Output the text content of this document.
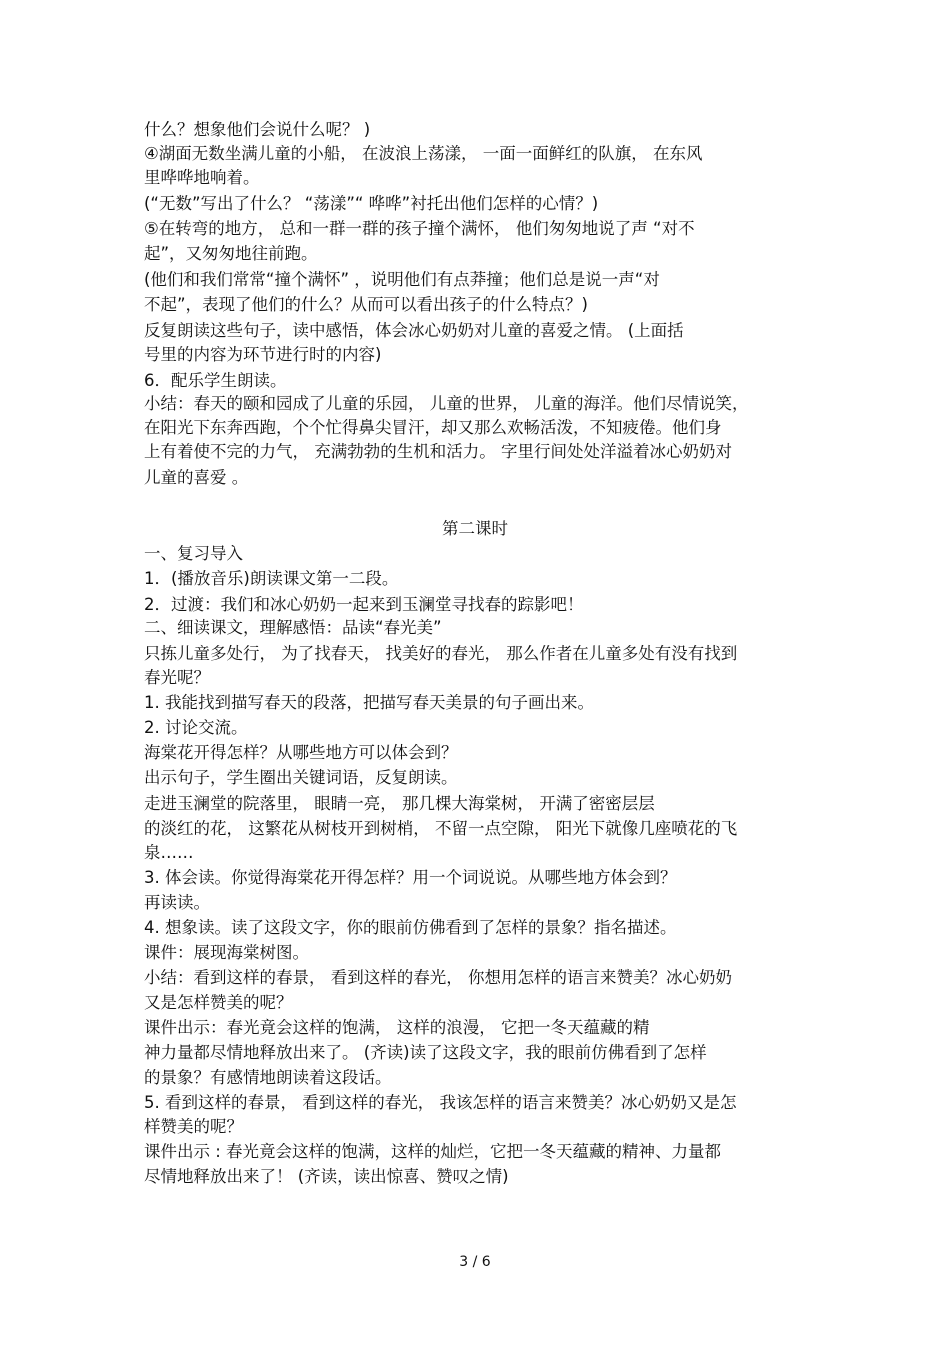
什么？想象他们会说什么呢？ )
④湖面无数坐满儿童的小船， 在波浪上荡漾， 一面一面鲜红的队旗， 在东风
里哗哗地响着。
(“无数”写出了什么？ “荡漾”“ 哗哗”衬托出他们怎样的心情？)
⑤在转弯的地方， 总和一群一群的孩子撞个满怀， 他们匆匆地说了声 “对不
起”，又匆匆地往前跑。
(他们和我们常常“撞个满怀” ，说明他们有点莽撞；他们总是说一声“对
不起”，表现了他们的什么？从而可以看出孩子的什么特点？)
反复朗读这些句子，读中感悟，体会冰心奶奶对儿童的喜爱之情。 (上面括
号里的内容为环节进行时的内容)
6．配乐学生朗读。
小结：春天的颐和园成了儿童的乐园， 儿童的世界， 儿童的海洋。他们尽情说笑，
在阳光下东奔西跑，个个忙得鼻尖冒汗，却又那么欢畅活泼，不知疲倦。他们身
上有着使不完的力气， 充满勃勃的生机和活力。 字里行间处处洋溢着冰心奶奶对
儿童的喜爱 。
第二课时
一、复习导入
1．(播放音乐)朗读课文第一二段。
2．过渡：我们和冰心奶奶一起来到玉澜堂寻找春的踪影吧！
二、细读课文，理解感悟：品读“春光美”
只拣儿童多处行， 为了找春天， 找美好的春光， 那么作者在儿童多处有没有找到
春光呢？
1. 我能找到描写春天的段落，把描写春天美景的句子画出来。
2. 讨论交流。
海棠花开得怎样？从哪些地方可以体会到？
出示句子，学生圈出关键词语，反复朗读。
走进玉澜堂的院落里， 眼睛一亮， 那几棵大海棠树， 开满了密密层层
的淡红的花， 这繁花从树枝开到树梢， 不留一点空隙， 阳光下就像几座喷花的飞
泉……
3. 体会读。你觉得海棠花开得怎样？用一个词说说。从哪些地方体会到？
再读读。
4. 想象读。读了这段文字，你的眼前仿佛看到了怎样的景象？指名描述。
课件：展现海棠树图。
小结：看到这样的春景， 看到这样的春光， 你想用怎样的语言来赞美？冰心奶奶
又是怎样赞美的呢？
课件出示：春光竟会这样的饱满， 这样的浪漫， 它把一冬天蕴藏的精
神力量都尽情地释放出来了。 (齐读)读了这段文字，我的眼前仿佛看到了怎样
的景象？有感情地朗读着这段话。
5. 看到这样的春景， 看到这样的春光， 我该怎样的语言来赞美？冰心奶奶又是怎
样赞美的呢？
课件出示 : 春光竟会这样的饱满，这样的灿烂，它把一冬天蕴藏的精神、力量都
尽情地释放出来了！ (齐读，读出惊喜、赞叹之情)
3 / 6
